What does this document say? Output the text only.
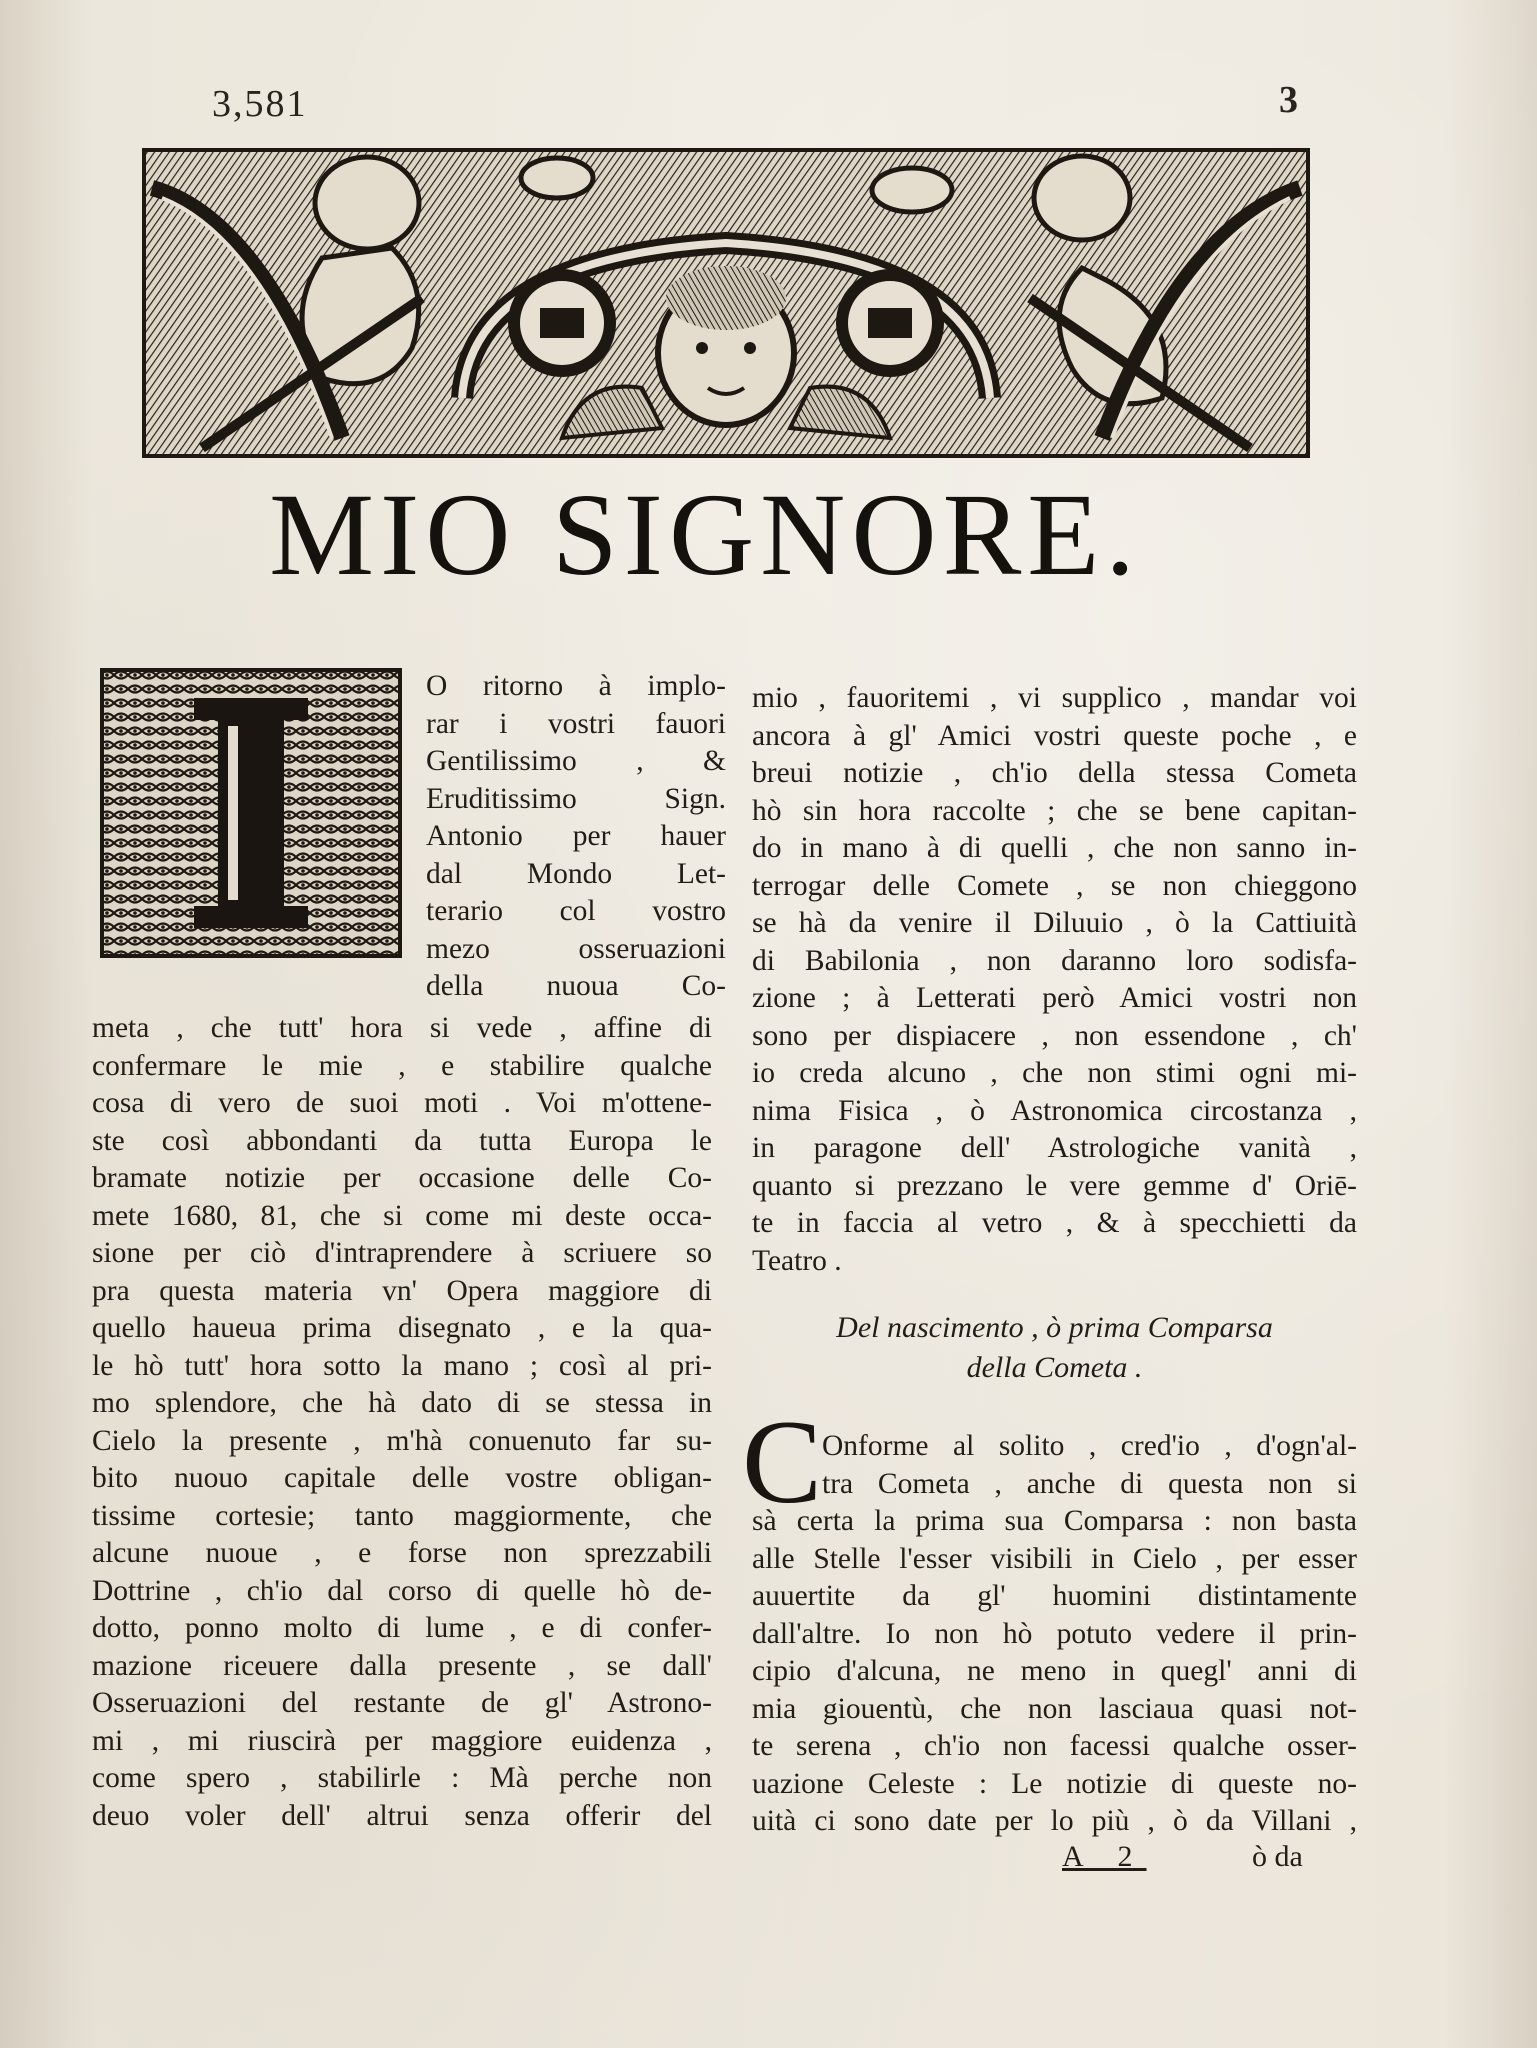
3,581	3
MIO SIGNORE.
O ritorno à implo-
rar i vostri fauori
Gentilissimo , &
Eruditissimo Sign.
Antonio per hauer
dal Mondo Let-
terario col vostro
mezo osseruazioni
della nuoua Co-
meta , che tutt' hora si vede , affine di
confermare le mie , e stabilire qualche
cosa di vero de suoi moti . Voi m'ottene-
ste così abbondanti da tutta Europa le
bramate notizie per occasione delle Co-
mete 1680, 81, che si come mi deste occa-
sione per ciò d'intraprendere à scriuere so
pra questa materia vn' Opera maggiore di
quello haueua prima disegnato , e la qua-
le hò tutt' hora sotto la mano ; così al pri-
mo splendore, che hà dato di se stessa in
Cielo la presente , m'hà conuenuto far su-
bito nuouo capitale delle vostre obligan-
tissime cortesie; tanto maggiormente, che
alcune nuoue , e forse non sprezzabili
Dottrine , ch'io dal corso di quelle hò de-
dotto, ponno molto di lume , e di confer-
mazione riceuere dalla presente , se dall'
Osseruazioni del restante de gl' Astrono-
mi , mi riuscirà per maggiore euidenza ,
come spero , stabilirle : Mà perche non
deuo voler dell' altrui senza offerir del
mio , fauoritemi , vi supplico , mandar voi
ancora à gl' Amici vostri queste poche , e
breui notizie , ch'io della stessa Cometa
hò sin hora raccolte ; che se bene capitan-
do in mano à di quelli , che non sanno in-
terrogar delle Comete , se non chieggono
se hà da venire il Diluuio , ò la Cattiuità
di Babilonia , non daranno loro sodisfa-
zione ; à Letterati però Amici vostri non
sono per dispiacere , non essendone , ch'
io creda alcuno , che non stimi ogni mi-
nima Fisica , ò Astronomica circostanza ,
in paragone dell' Astrologiche vanità ,
quanto si prezzano le vere gemme d' Oriē-
te in faccia al vetro , & à specchietti da
Teatro .
Del nascimento , ò prima Comparsa
della Cometa .
C Onforme al solito , cred'io , d'ogn'al-
tra Cometa , anche di questa non si
sà certa la prima sua Comparsa : non basta
alle Stelle l'esser visibili in Cielo , per esser
auuertite da gl' huomini distintamente
dall'altre. Io non hò potuto vedere il prin-
cipio d'alcuna, ne meno in quegl' anni di
mia giouentù, che non lasciaua quasi not-
te serena , ch'io non facessi qualche osser-
uazione Celeste : Le notizie di queste no-
uità ci sono date per lo più , ò da Villani ,
A 2	ò da
